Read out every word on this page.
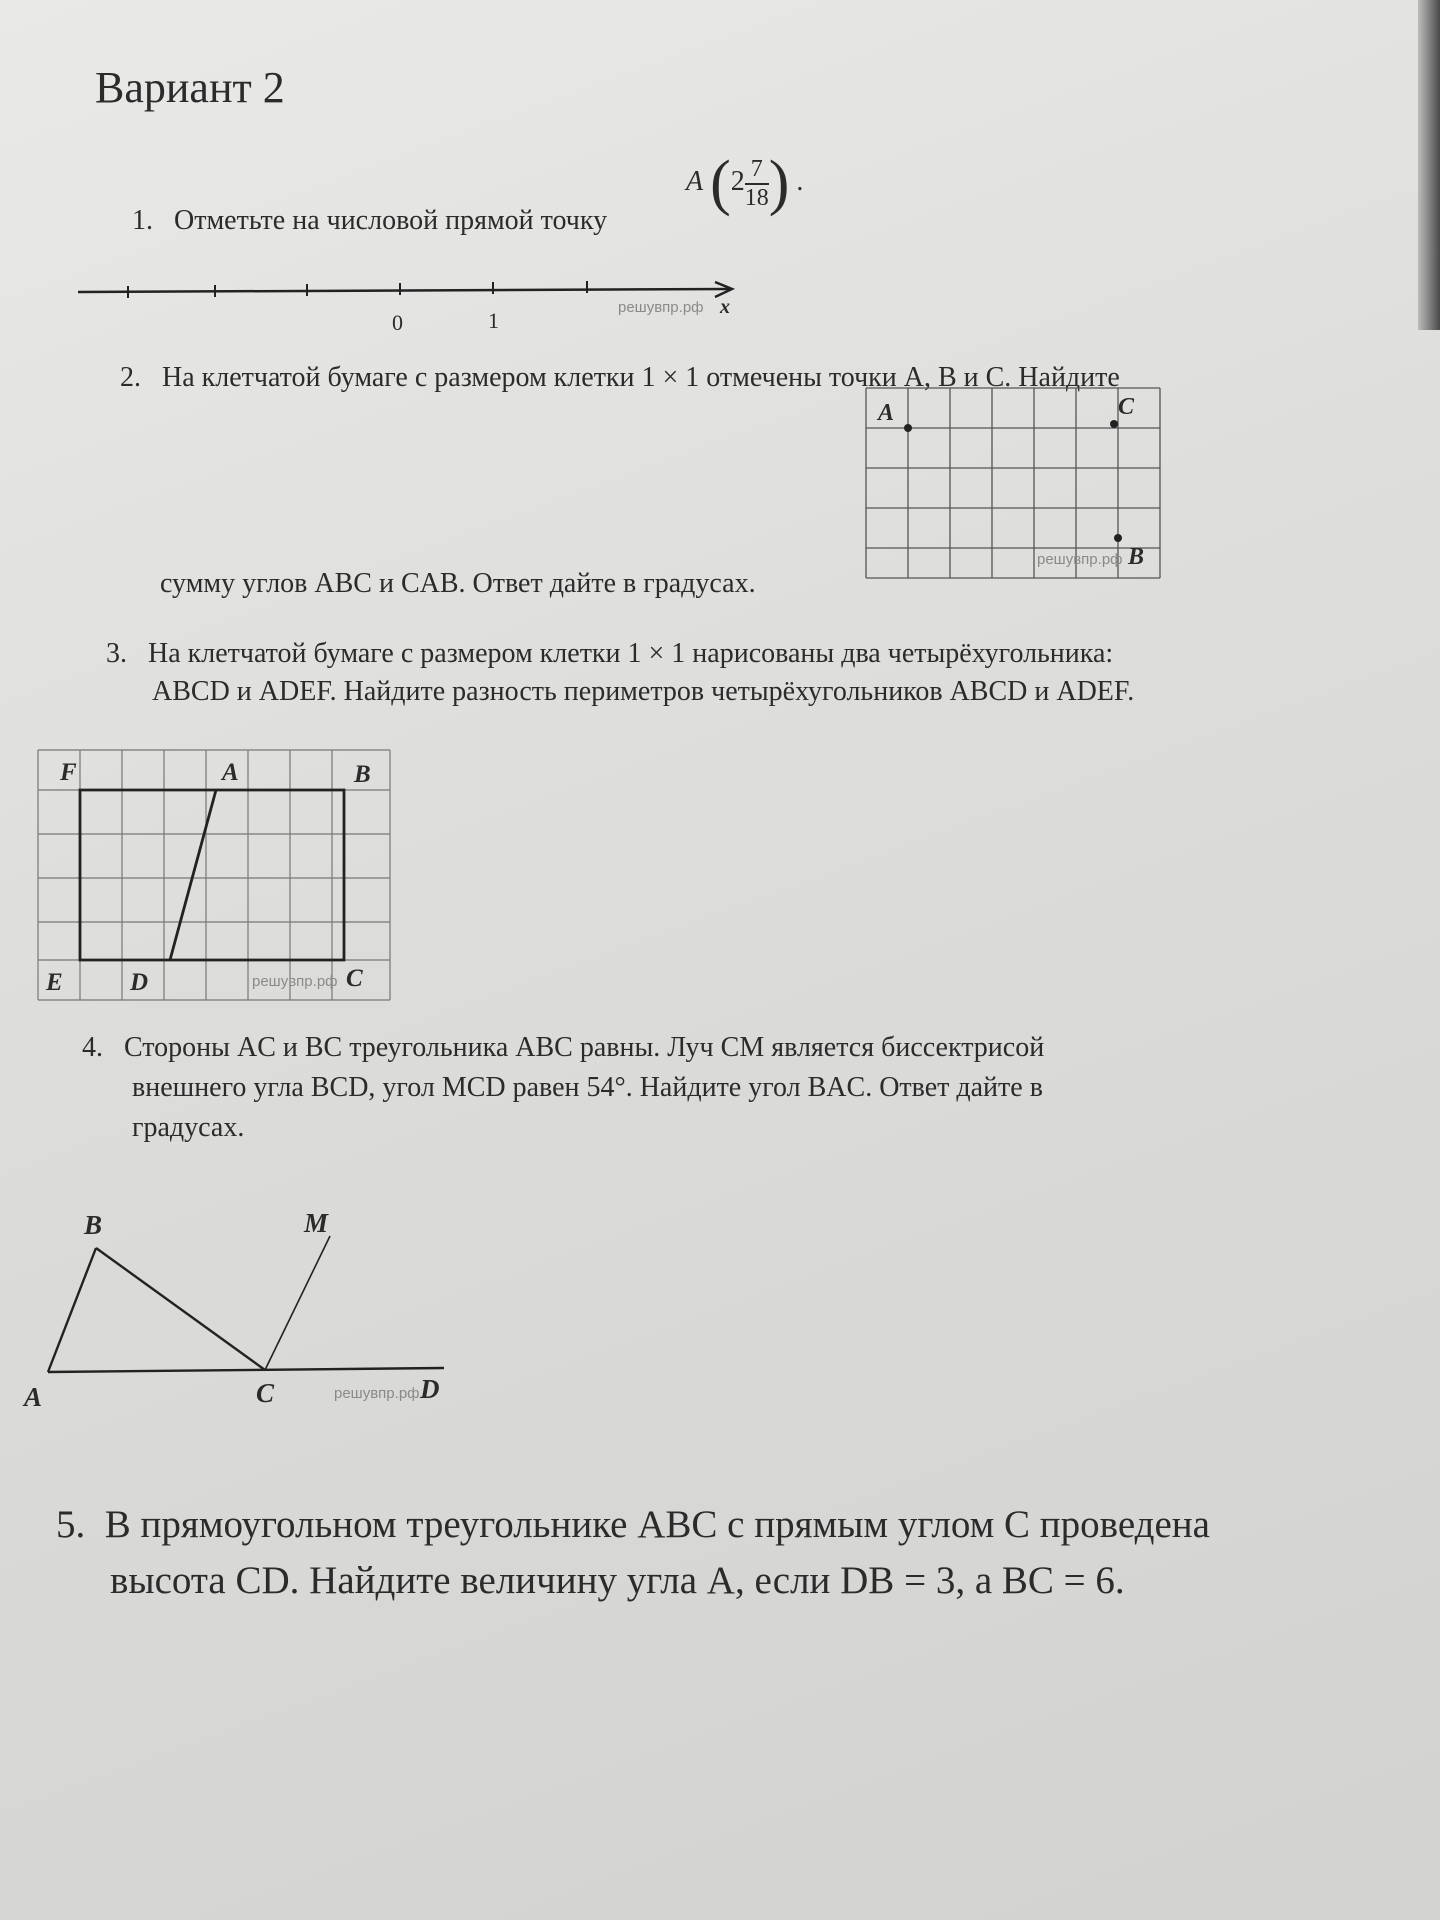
Вариант 2
1. Отметьте на числовой прямой точку
A ($2 \frac{7}{18}$ ) .
0	1
решувпр.рф x
2. На клетчатой бумаге с размером клетки 1 × 1 отмечены точки A, B и C. Найдите
сумму углов ABC и CAB. Ответ дайте в градусах.
A	C
B
решувпр.рф
3. На клетчатой бумаге с размером клетки 1 × 1 нарисованы два четырёхугольника:
ABCD и ADEF. Найдите разность периметров четырёхугольников ABCD и ADEF.
F	A	B
E	D	C
решувпр.рф
4. Стороны AC и BC треугольника ABC равны. Луч CM является биссектрисой
внешнего угла BCD, угол MCD равен 54°. Найдите угол BAC. Ответ дайте в
градусах.
B	M
A	C	D
решувпр.рф
5. В прямоугольном треугольнике ABC с прямым углом C проведена
высота CD. Найдите величину угла A, если DB = 3, а BC = 6.
